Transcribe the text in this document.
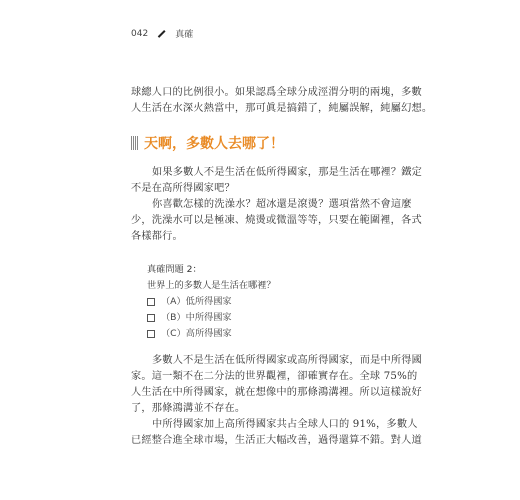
042	真確

球總人口的比例很小。如果認爲全球分成涇渭分明的兩塊，多數

人生活在水深火熱當中，那可眞是搞錯了，純屬誤解，純屬幻想。

天啊，多數人去哪了！

如果多數人不是生活在低所得國家，那是生活在哪裡？鐵定

不是在高所得國家吧？

你喜歡怎樣的洗澡水？超冰還是滾燙？選項當然不會這麼

少，洗澡水可以是極凍、燒燙或微溫等等，只要在範圍裡，各式

各樣都行。

真確問題 2：
世界上的多數人是生活在哪裡？
（A）低所得國家
（B）中所得國家
（C）高所得國家

多數人不是生活在低所得國家或高所得國家，而是中所得國

家。這一類不在二分法的世界觀裡，卻確實存在。全球 75%的

人生活在中所得國家，就在想像中的那條鴻溝裡。所以這樣說好

了，那條鴻溝並不存在。

中所得國家加上高所得國家共占全球人口的 91%，多數人

已經整合進全球市場，生活正大幅改善，過得還算不錯。對人道
